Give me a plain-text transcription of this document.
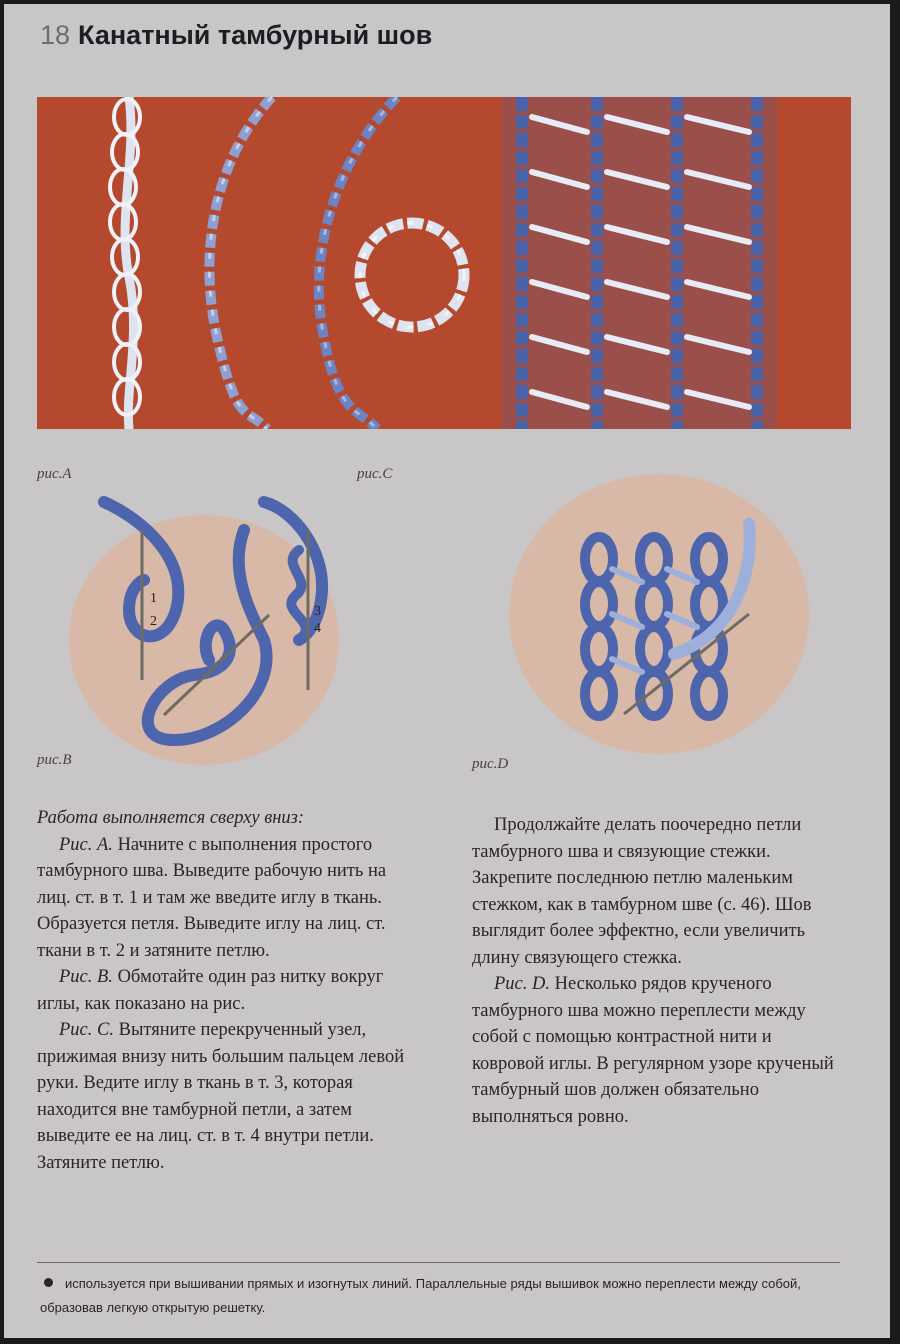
18 Канатный тамбурный шов
рис.А	рис.С
рис.В	рис.D
1
2
3
4

Работа выполняется сверху вниз:

Рис. А. Начните с выполнения простого тамбурного шва. Выведите рабочую нить на лиц. ст. в т. 1 и там же введите иглу в ткань. Образуется петля. Выведите иглу на лиц. ст. ткани в т. 2 и затяните петлю.

Рис. В. Обмотайте один раз нитку вокруг иглы, как показано на рис.

Рис. С. Вытяните перекрученный узел, прижимая внизу нить большим пальцем левой руки. Ведите иглу в ткань в т. 3, которая находится вне тамбурной петли, а затем выведите ее на лиц. ст. в т. 4 внутри петли. Затяните петлю.

Продолжайте делать поочередно петли тамбурного шва и связующие стежки. Закрепите последнюю петлю маленьким стежком, как в тамбурном шве (с. 46). Шов выглядит более эффектно, если увеличить длину связующего стежка.

Рис. D. Несколько рядов крученого тамбурного шва можно переплести между собой с помощью контрастной нити и ковровой иглы. В регулярном узоре крученый тамбурный шов должен обязательно выполняться ровно.

используется при вышивании прямых и изогнутых линий. Параллельные ряды вышивок можно переплести между собой, образовав легкую открытую решетку.
